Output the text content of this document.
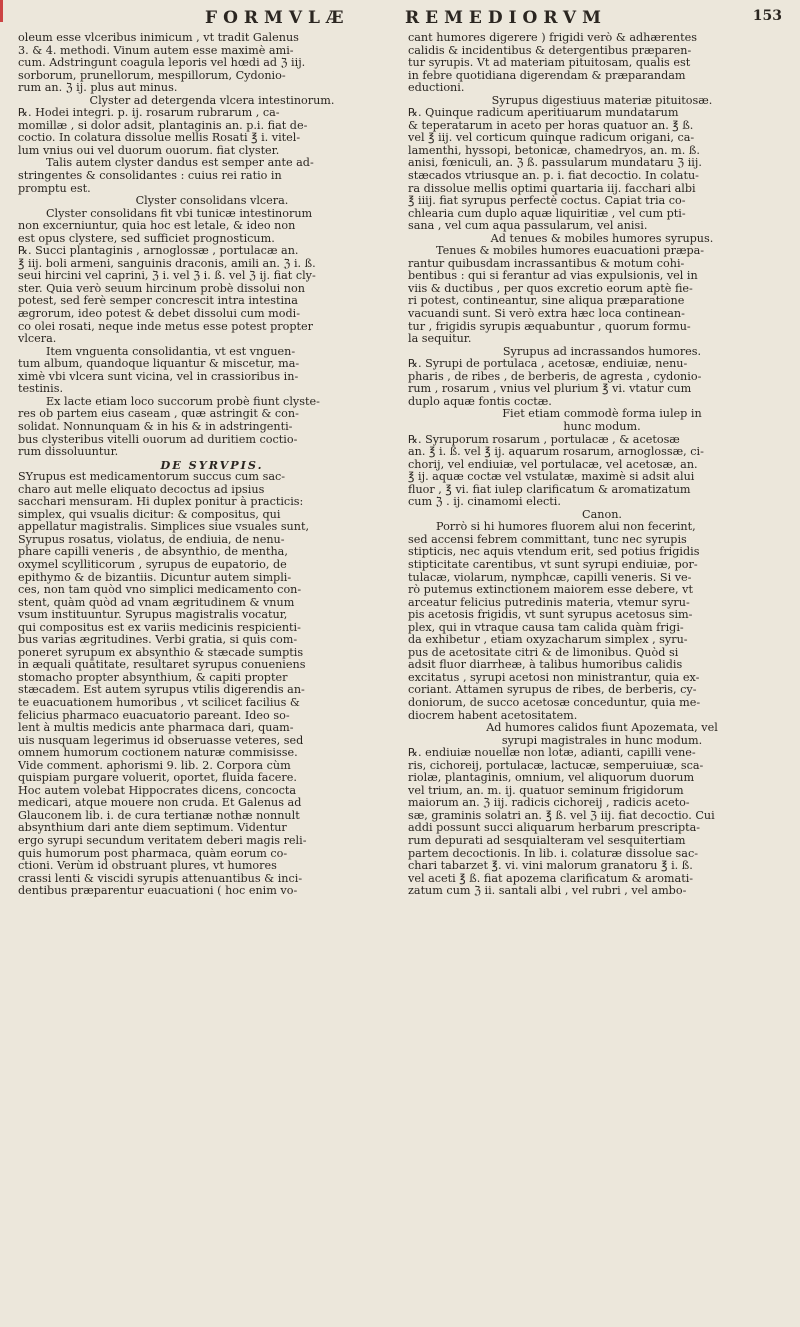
FORMVLÆ	REMEDIORVM	153
oleum esse vlceribus inimicum , vt tradit Galenus
3. & 4. methodi. Vinum autem esse maximè ami-
cum. Adstringunt coagula leporis vel hœdi ad ℨ iij.
sorborum, prunellorum, mespillorum, Cydonio-
rum an. ℨ ij. plus aut minus.
Clyster ad detergenda vlcera intestinorum.
℞. Hodei integri. p. ij. rosarum rubrarum , ca-
momillæ , si dolor adsit, plantaginis an. p.i. fiat de-
coctio. In colatura dissolue mellis Rosati ℥ i. vitel-
lum vnius oui vel duorum ouorum. fiat clyster.
Talis autem clyster dandus est semper ante ad-
stringentes & consolidantes : cuius rei ratio in
promptu est.
Clyster consolidans vlcera.
Clyster consolidans fit vbi tunicæ intestinorum
non excerniuntur, quia hoc est letale, & ideo non
est opus clystere, sed sufficiet prognosticum.
℞. Succi plantaginis , arnoglossæ , portulacæ an.
℥ iij. boli armeni, sanguinis draconis, amili an. ℨ i. ß.
seui hircini vel caprini, ℨ i. vel ℨ i. ß. vel ℨ ij. fiat cly-
ster. Quia verò seuum hircinum probè dissolui non
potest, sed ferè semper concrescit intra intestina
ægrorum, ideo potest & debet dissolui cum modi-
co olei rosati, neque inde metus esse potest propter
vlcera.
Item vnguenta consolidantia, vt est vnguen-
tum album, quandoque liquantur & miscetur, ma-
ximè vbi vlcera sunt vicina, vel in crassioribus in-
testinis.
Ex lacte etiam loco succorum probè fiunt clyste-
res ob partem eius caseam , quæ astringit & con-
solidat. Nonnunquam & in his & in adstringenti-
bus clysteribus vitelli ouorum ad duritiem coctio-
rum dissoluuntur.
DE SYRVPIS.
SYrupus est medicamentorum succus cum sac-
charo aut melle eliquato decoctus ad ipsius
sacchari mensuram. Hi duplex ponitur à practicis:
simplex, qui vsualis dicitur: & compositus, qui
appellatur magistralis. Simplices siue vsuales sunt,
Syrupus rosatus, violatus, de endiuia, de nenu-
phare capilli veneris , de absynthio, de mentha,
oxymel scylliticorum , syrupus de eupatorio, de
epithymo & de bizantiis. Dicuntur autem simpli-
ces, non tam quòd vno simplici medicamento con-
stent, quàm quòd ad vnam ægritudinem & vnum
vsum instituuntur. Syrupus magistralis vocatur,
qui compositus est ex variis medicinis respicienti-
bus varias ægritudines. Verbi gratia, si quis com-
poneret syrupum ex absynthio & stæcade sumptis
in æquali quātitate, resultaret syrupus conueniens
stomacho propter absynthium, & capiti propter
stæcadem. Est autem syrupus vtilis digerendis an-
te euacuationem humoribus , vt scilicet facilius &
felicius pharmaco euacuatorio pareant. Ideo so-
lent à multis medicis ante pharmaca dari, quam-
uis nusquam legerimus id obseruasse veteres, sed
omnem humorum coctionem naturæ commisisse.
Vide comment. aphorismi 9. lib. 2. Corpora cùm
quispiam purgare voluerit, oportet, fluida facere.
Hoc autem volebat Hippocrates dicens, concocta
medicari, atque mouere non cruda. Et Galenus ad
Glauconem lib. i. de cura tertianæ nothæ nonnult
absynthium dari ante diem septimum. Videntur
ergo syrupi secundum veritatem deberi magis reli-
quis humorum post pharmaca, quàm eorum co-
ctioni. Verùm id obstruant plures, vt humores
crassi lenti & viscidi syrupis attenuantibus & inci-
dentibus præparentur euacuationi ( hoc enim vo-
cant humores digerere ) frigidi verò & adhærentes
calidis & incidentibus & detergentibus præparen-
tur syrupis. Vt ad materiam pituitosam, qualis est
in febre quotidiana digerendam & præparandam
eductioni.
Syrupus digestiuus materiæ pituitosæ.
℞. Quinque radicum aperitiuarum mundatarum
& teperatarum in aceto per horas quatuor an. ℥ ß.
vel ℥ iij. vel corticum quinque radicum origani, ca-
lamenthi, hyssopi, betonicæ, chamedryos, an. m. ß.
anisi, fœniculi, an. ℨ ß. passularum mundataru ℨ iij.
stæcados vtriusque an. p. i. fiat decoctio. In colatu-
ra dissolue mellis optimi quartaria iij. facchari albi
℥ iiij. fiat syrupus perfectè coctus. Capiat tria co-
chlearia cum duplo aquæ liquiritiæ , vel cum pti-
sana , vel cum aqua passularum, vel anisi.
Ad tenues & mobiles humores syrupus.
Tenues & mobiles humores euacuationi præpa-
rantur quibusdam incrassantibus & motum cohi-
bentibus : qui si ferantur ad vias expulsionis, vel in
viis & ductibus , per quos excretio eorum aptè fie-
ri potest, contineantur, sine aliqua præparatione
vacuandi sunt. Si verò extra hæc loca continean-
tur , frigidis syrupis æquabuntur , quorum formu-
la sequitur.
Syrupus ad incrassandos humores.
℞. Syrupi de portulaca , acetosæ, endiuiæ, nenu-
pharis , de ribes , de berberis, de agresta , cydonio-
rum , rosarum , vnius vel plurium ℥ vi. vtatur cum
duplo aquæ fontis coctæ.
Fiet etiam commodè forma iulep in
hunc modum.
℞. Syruporum rosarum , portulacæ , & acetosæ
an. ℥ i. ß. vel ℥ ij. aquarum rosarum, arnoglossæ, ci-
chorij, vel endiuiæ, vel portulacæ, vel acetosæ, an.
℥ ij. aquæ coctæ vel vstulatæ, maximè si adsit alui
fluor , ℥ vi. fiat iulep clarificatum & aromatizatum
cum ℨ . ij. cinamomi electi.
Canon.
Porrò si hi humores fluorem alui non fecerint,
sed accensi febrem committant, tunc nec syrupis
stipticis, nec aquis vtendum erit, sed potius frigidis
stipticitate carentibus, vt sunt syrupi endiuiæ, por-
tulacæ, violarum, nymphcæ, capilli veneris. Si ve-
rò putemus extinctionem maiorem esse debere, vt
arceatur felicius putredinis materia, vtemur syru-
pis acetosis frigidis, vt sunt syrupus acetosus sim-
plex, qui in vtraque causa tam calida quàm frigi-
da exhibetur , etiam oxyzacharum simplex , syru-
pus de acetositate citri & de limonibus. Quòd si
adsit fluor diarrheæ, à talibus humoribus calidis
excitatus , syrupi acetosi non ministrantur, quia ex-
coriant. Attamen syrupus de ribes, de berberis, cy-
doniorum, de succo acetosæ conceduntur, quia me-
diocrem habent acetositatem.
Ad humores calidos fiunt Apozemata, vel
syrupi magistrales in hunc modum.
℞. endiuiæ nouellæ non lotæ, adianti, capilli vene-
ris, cichoreij, portulacæ, lactucæ, semperuiuæ, sca-
riolæ, plantaginis, omnium, vel aliquorum duorum
vel trium, an. m. ij. quatuor seminum frigidorum
maiorum an. ℨ iij. radicis cichoreij , radicis aceto-
sæ, graminis solatri an. ℥ ß. vel ℨ iij. fiat decoctio. Cui
addi possunt succi aliquarum herbarum prescripta-
rum depurati ad sesquialteram vel sesquitertiam
partem decoctionis. In lib. i. colaturæ dissolue sac-
chari tabarzet ℥. vi. vini malorum granatoru ℥ i. ß.
vel aceti ℥ ß. fiat apozema clarificatum & aromati-
zatum cum ℨ ii. santali albi , vel rubri , vel ambo-
